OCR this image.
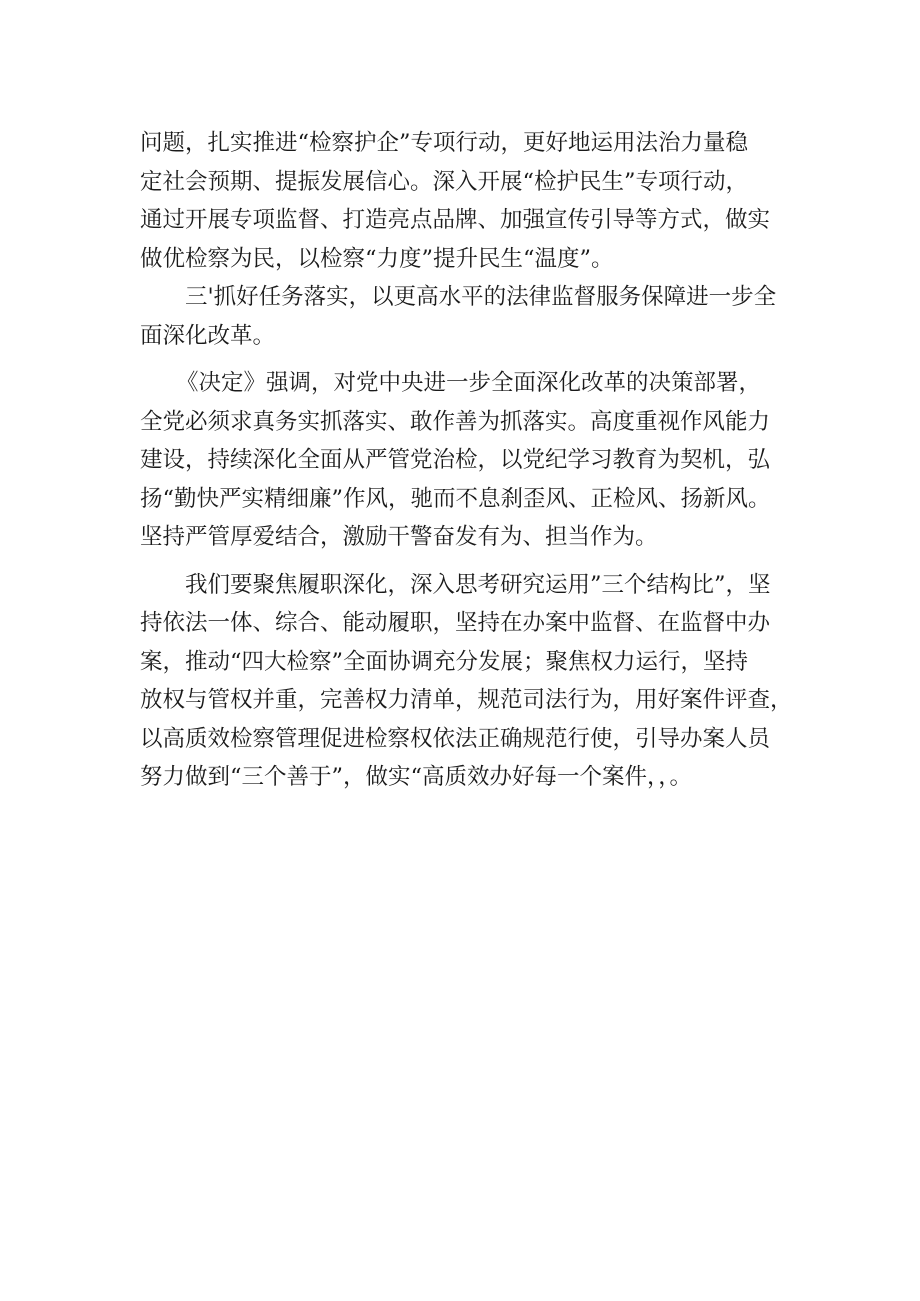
问题，扎实推进“检察护企”专项行动，更好地运用法治力量稳
定社会预期、提振发展信心。深入开展“检护民生”专项行动，
通过开展专项监督、打造亮点品牌、加强宣传引导等方式，做实
做优检察为民，以检察“力度”提升民生“温度”。
三'抓好任务落实，以更高水平的法律监督服务保障进一步全
面深化改革。
《决定》强调，对党中央进一步全面深化改革的决策部署，
全党必须求真务实抓落实、敢作善为抓落实。高度重视作风能力
建设，持续深化全面从严管党治检，以党纪学习教育为契机，弘
扬“勤快严实精细廉”作风，驰而不息刹歪风、正检风、扬新风。
坚持严管厚爱结合，激励干警奋发有为、担当作为。
我们要聚焦履职深化，深入思考研究运用”三个结构比”，坚
持依法一体、综合、能动履职，坚持在办案中监督、在监督中办
案，推动“四大检察”全面协调充分发展；聚焦权力运行，坚持
放权与管权并重，完善权力清单，规范司法行为，用好案件评查，
以高质效检察管理促进检察权依法正确规范行使，引导办案人员
努力做到“三个善于”，做实“高质效办好每一个案件，，。
